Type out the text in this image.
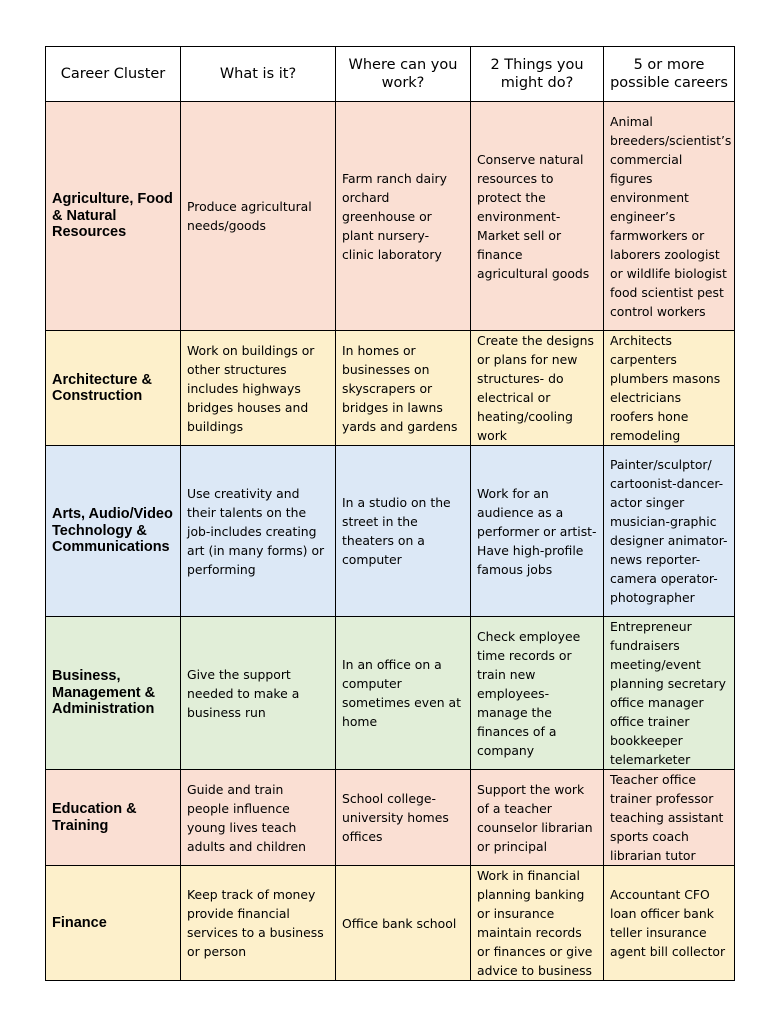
Career Cluster	What is it?	Where can you work?	2 Things you might do?	5 or more possible careers
Agriculture, Food & Natural Resources	Produce agricultural needs/goods	Farm ranch dairy orchard greenhouse or plant nursery- clinic laboratory	Conserve natural resources to protect the environment- Market sell or finance agricultural goods	Animal breeders/scientist’s commercial figures environment engineer’s farmworkers or laborers zoologist or wildlife biologist food scientist pest control workers
Architecture & Construction	Work on buildings or other structures includes highways bridges houses and buildings	In homes or businesses on skyscrapers or bridges in lawns yards and gardens	Create the designs or plans for new structures- do electrical or heating/cooling work	Architects carpenters plumbers masons electricians roofers hone remodeling
Arts, Audio/Video Technology & Communications	Use creativity and their talents on the job-includes creating art (in many forms) or performing	In a studio on the street in the theaters on a computer	Work for an audience as a performer or artist- Have high-profile famous jobs	Painter/sculptor/ cartoonist-dancer- actor singer musician-graphic designer animator- news reporter-camera operator- photographer
Business, Management & Administration	Give the support needed to make a business run	In an office on a computer sometimes even at home	Check employee time records or train new employees- manage the finances of a company	Entrepreneur fundraisers meeting/event planning secretary office manager office trainer bookkeeper telemarketer
Education & Training	Guide and train people influence young lives teach adults and children	School college-university homes offices	Support the work of a teacher counselor librarian or principal	Teacher office trainer professor teaching assistant sports coach librarian tutor
Finance	Keep track of money provide financial services to a business or person	Office bank school	Work in financial planning banking or insurance maintain records or finances or give advice to business	Accountant CFO loan officer bank teller insurance agent bill collector
